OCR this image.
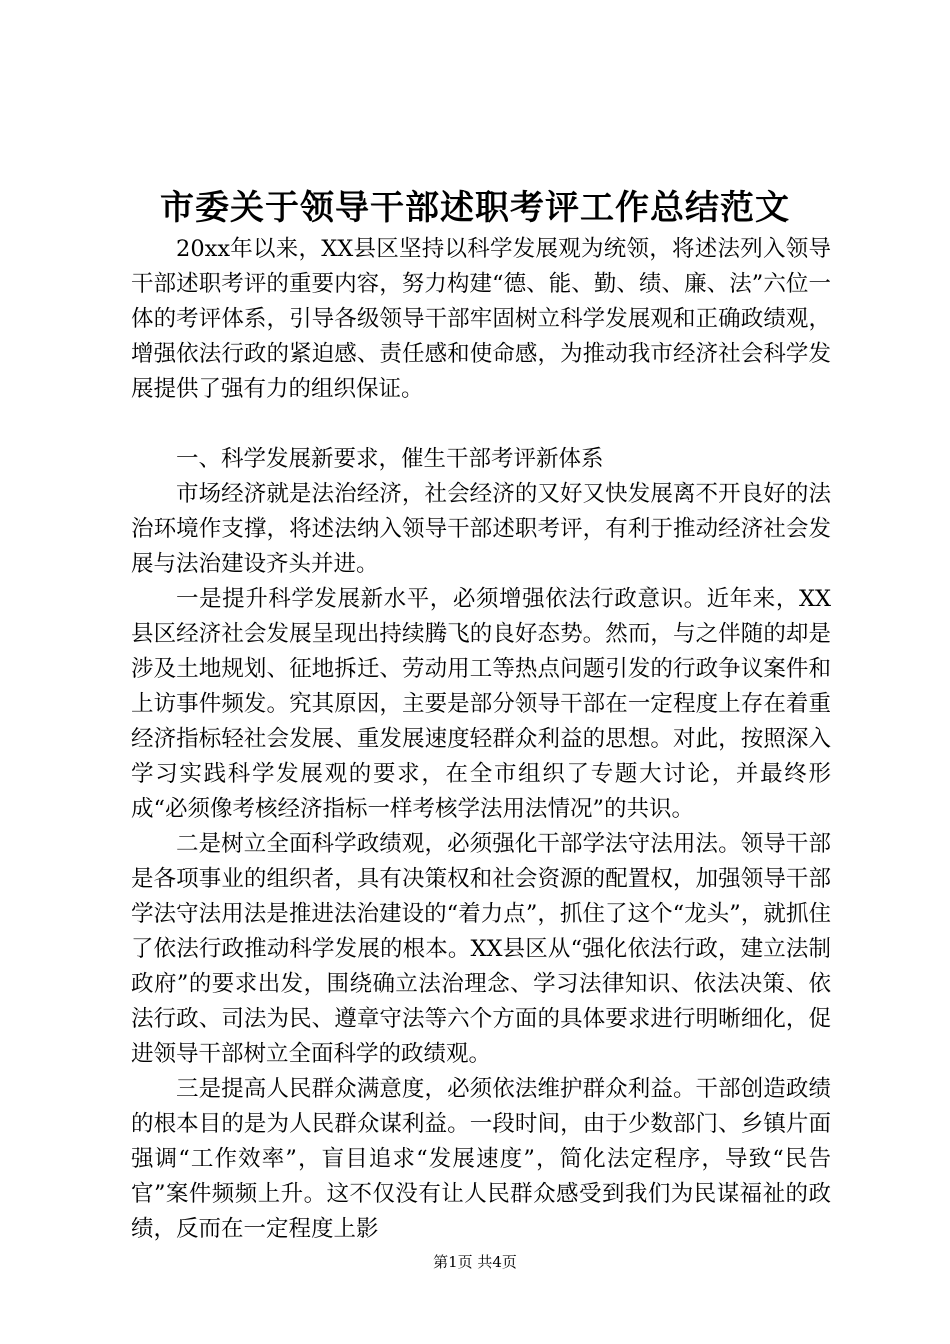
市委关于领导干部述职考评工作总结范文

20xx年以来，XX县区坚持以科学发展观为统领，将述法列入领导干部述职考评的重要内容，努力构建“德、能、勤、绩、廉、法”六位一体的考评体系，引导各级领导干部牢固树立科学发展观和正确政绩观，增强依法行政的紧迫感、责任感和使命感，为推动我市经济社会科学发展提供了强有力的组织保证。

一、科学发展新要求，催生干部考评新体系

市场经济就是法治经济，社会经济的又好又快发展离不开良好的法治环境作支撑，将述法纳入领导干部述职考评，有利于推动经济社会发展与法治建设齐头并进。

一是提升科学发展新水平，必须增强依法行政意识。近年来，XX县区经济社会发展呈现出持续腾飞的良好态势。然而，与之伴随的却是涉及土地规划、征地拆迁、劳动用工等热点问题引发的行政争议案件和上访事件频发。究其原因，主要是部分领导干部在一定程度上存在着重经济指标轻社会发展、重发展速度轻群众利益的思想。对此，按照深入学习实践科学发展观的要求，在全市组织了专题大讨论，并最终形成“必须像考核经济指标一样考核学法用法情况”的共识。

二是树立全面科学政绩观，必须强化干部学法守法用法。领导干部是各项事业的组织者，具有决策权和社会资源的配置权，加强领导干部学法守法用法是推进法治建设的“着力点”，抓住了这个“龙头”，就抓住了依法行政推动科学发展的根本。XX县区从“强化依法行政，建立法制政府”的要求出发，围绕确立法治理念、学习法律知识、依法决策、依法行政、司法为民、遵章守法等六个方面的具体要求进行明晰细化，促进领导干部树立全面科学的政绩观。

三是提高人民群众满意度，必须依法维护群众利益。干部创造政绩的根本目的是为人民群众谋利益。一段时间，由于少数部门、乡镇片面强调“工作效率”，盲目追求“发展速度”，简化法定程序，导致“民告官”案件频频上升。这不仅没有让人民群众感受到我们为民谋福祉的政绩，反而在一定程度上影

第1页 共4页
